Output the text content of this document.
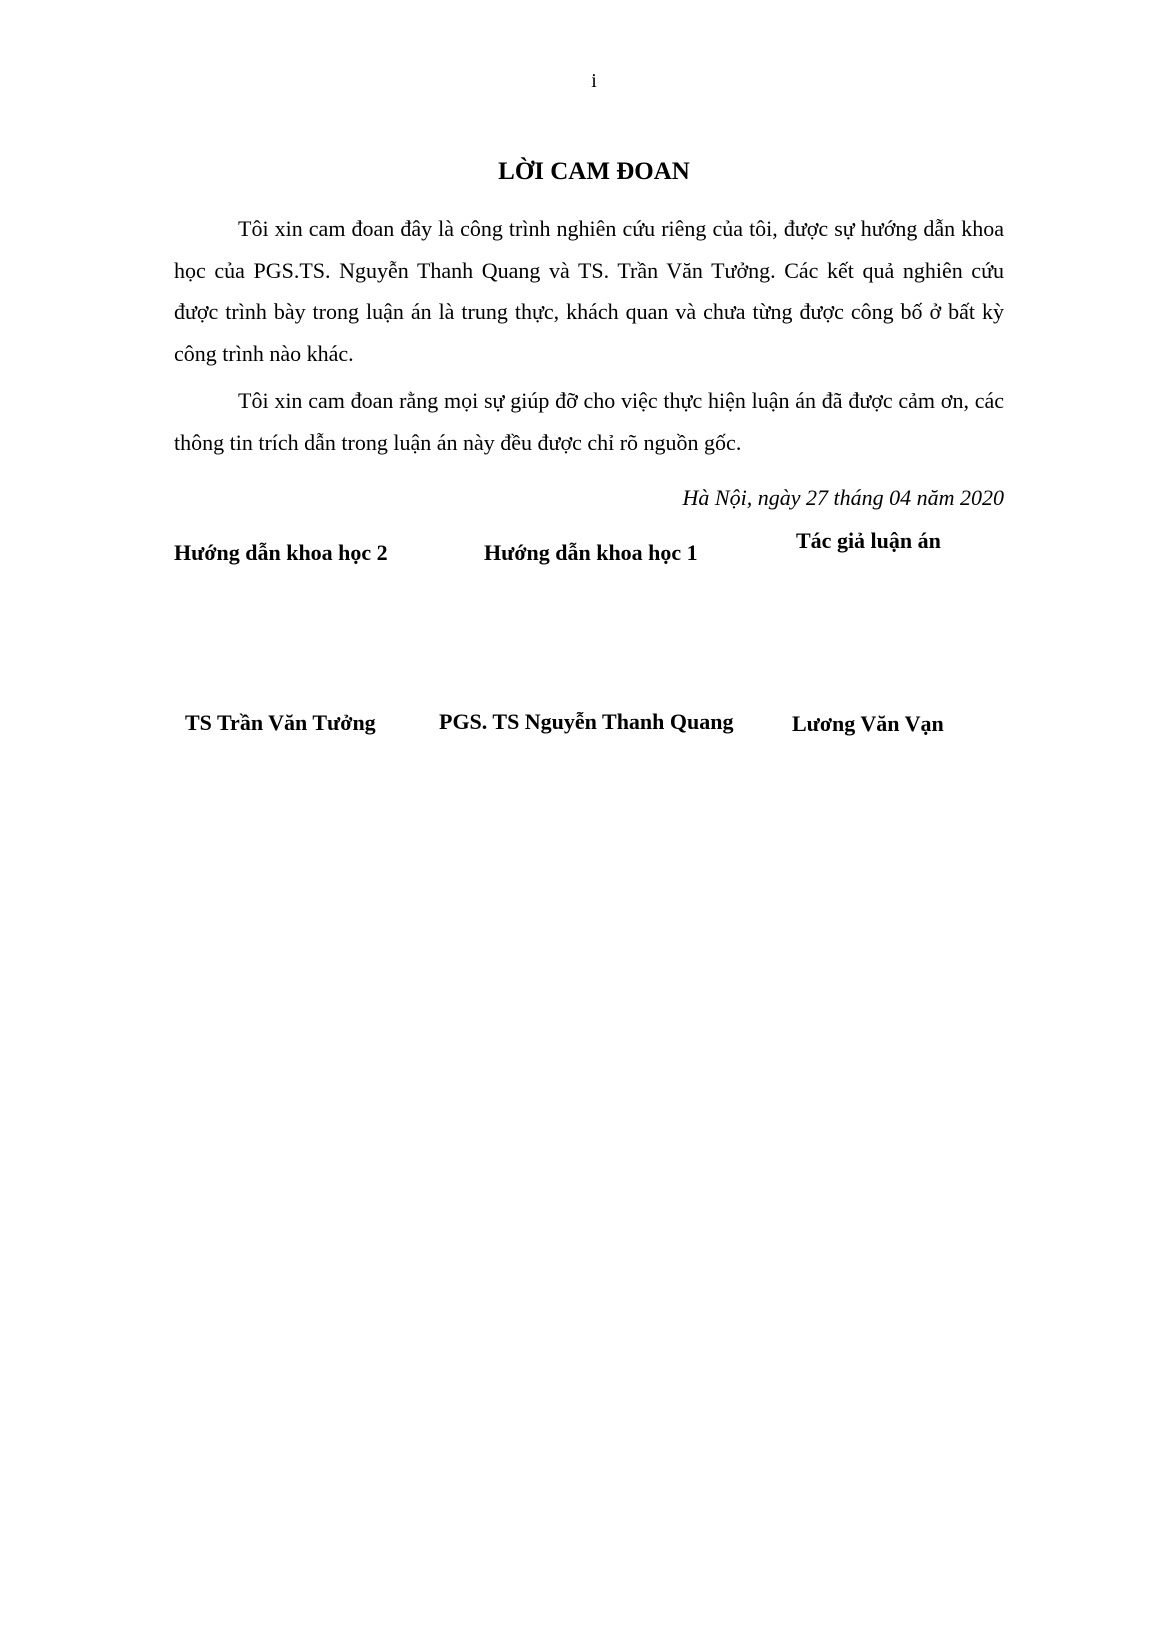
i
LỜI CAM ĐOAN

Tôi xin cam đoan đây là công trình nghiên cứu riêng của tôi, được sự hướng dẫn khoa học của PGS.TS. Nguyễn Thanh Quang và TS. Trần Văn Tưởng. Các kết quả nghiên cứu được trình bày trong luận án là trung thực, khách quan và chưa từng được công bố ở bất kỳ công trình nào khác.

Tôi xin cam đoan rằng mọi sự giúp đỡ cho việc thực hiện luận án đã được cảm ơn, các thông tin trích dẫn trong luận án này đều được chỉ rõ nguồn gốc.

Hà Nội, ngày 27 tháng 04 năm 2020
Hướng dẫn khoa học 2	Hướng dẫn khoa học 1	Tác giả luận án
TS Trần Văn Tưởng	PGS. TS Nguyễn Thanh Quang	Lương Văn Vạn
